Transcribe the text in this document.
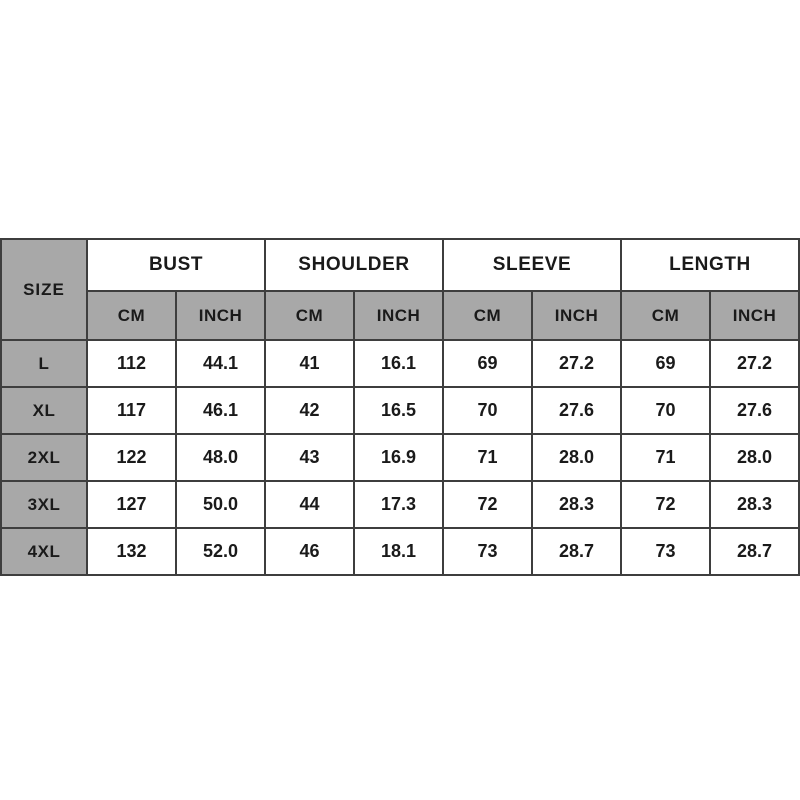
SIZE	BUST		SHOULDER		SLEEVE		LENGTH	
	CM	INCH	CM	INCH	CM	INCH	CM	INCH
L	112	44.1	41	16.1	69	27.2	69	27.2
XL	117	46.1	42	16.5	70	27.6	70	27.6
2XL	122	48.0	43	16.9	71	28.0	71	28.0
3XL	127	50.0	44	17.3	72	28.3	72	28.3
4XL	132	52.0	46	18.1	73	28.7	73	28.7
